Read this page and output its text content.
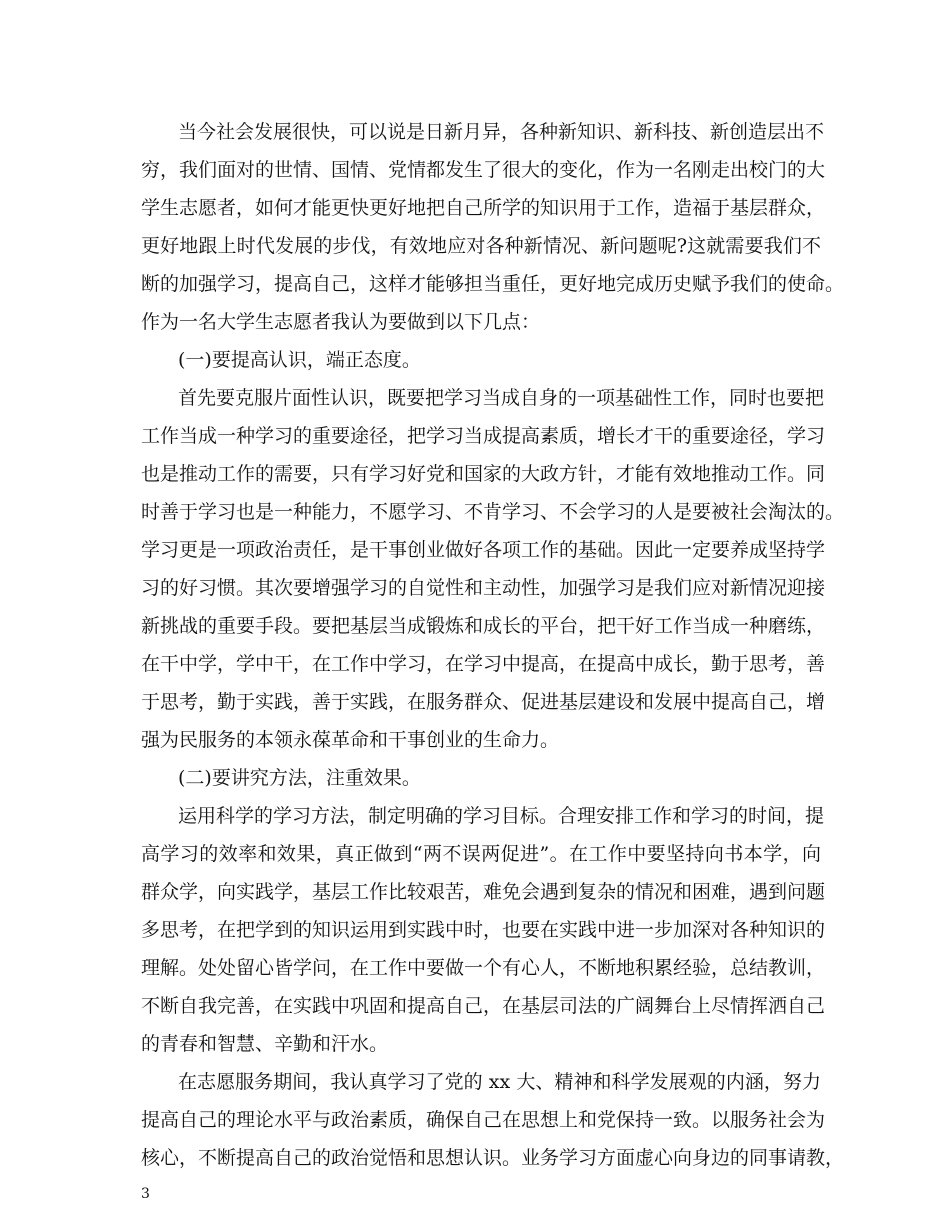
当今社会发展很快，可以说是日新月异，各种新知识、新科技、新创造层出不
穷，我们面对的世情、国情、党情都发生了很大的变化，作为一名刚走出校门的大
学生志愿者，如何才能更快更好地把自己所学的知识用于工作，造福于基层群众，
更好地跟上时代发展的步伐，有效地应对各种新情况、新问题呢?这就需要我们不
断的加强学习，提高自己，这样才能够担当重任，更好地完成历史赋予我们的使命。
作为一名大学生志愿者我认为要做到以下几点：
(一)要提高认识，端正态度。
首先要克服片面性认识，既要把学习当成自身的一项基础性工作，同时也要把
工作当成一种学习的重要途径，把学习当成提高素质，增长才干的重要途径，学习
也是推动工作的需要，只有学习好党和国家的大政方针，才能有效地推动工作。同
时善于学习也是一种能力，不愿学习、不肯学习、不会学习的人是要被社会淘汰的。
学习更是一项政治责任，是干事创业做好各项工作的基础。因此一定要养成坚持学
习的好习惯。其次要增强学习的自觉性和主动性，加强学习是我们应对新情况迎接
新挑战的重要手段。要把基层当成锻炼和成长的平台，把干好工作当成一种磨练，
在干中学，学中干，在工作中学习，在学习中提高，在提高中成长，勤于思考，善
于思考，勤于实践，善于实践，在服务群众、促进基层建设和发展中提高自己，增
强为民服务的本领永葆革命和干事创业的生命力。
(二)要讲究方法，注重效果。
运用科学的学习方法，制定明确的学习目标。合理安排工作和学习的时间，提
高学习的效率和效果，真正做到“两不误两促进”。在工作中要坚持向书本学，向
群众学，向实践学，基层工作比较艰苦，难免会遇到复杂的情况和困难，遇到问题
多思考，在把学到的知识运用到实践中时，也要在实践中进一步加深对各种知识的
理解。处处留心皆学问，在工作中要做一个有心人，不断地积累经验，总结教训，
不断自我完善，在实践中巩固和提高自己，在基层司法的广阔舞台上尽情挥洒自己
的青春和智慧、辛勤和汗水。
在志愿服务期间，我认真学习了党的 xx 大、精神和科学发展观的内涵，努力
提高自己的理论水平与政治素质，确保自己在思想上和党保持一致。以服务社会为
核心，不断提高自己的政治觉悟和思想认识。业务学习方面虚心向身边的同事请教，
3
